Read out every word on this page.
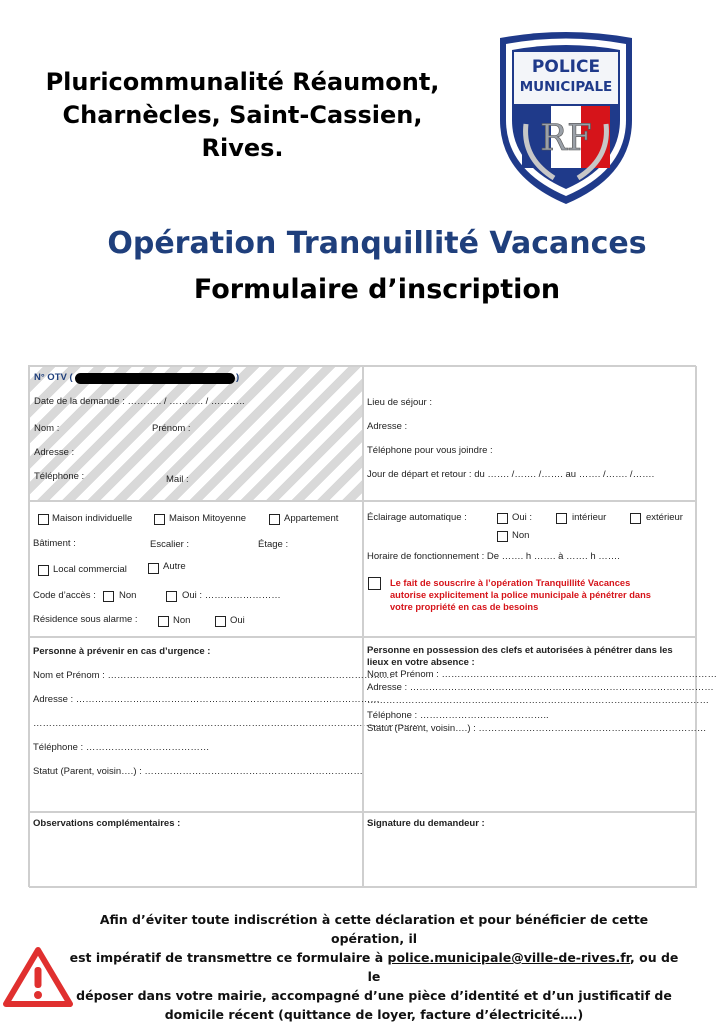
Pluricommunalité Réaumont,
Charnècles, Saint-Cassien,
Rives.
POLICE
MUNICIPALE
RF
Opération Tranquillité Vacances
Formulaire d’inscription
N° OTV (	)
Date de la demande : ……….. / ……….. / ………..
Nom :	Prénom :
Adresse :
Téléphone :	Mail :
Lieu de séjour :
Adresse :
Téléphone pour vous joindre :
Jour de départ et retour : du ……. /……. /……. au ……. /……. /…….
Maison individuelle	Maison Mitoyenne	Appartement
Bâtiment :	Escalier :	Étage :
Local commercial	Autre
Code d’accès : Non	Oui : ……………………
Résidence sous alarme :	Non	Oui
Éclairage automatique :	Oui :	intérieur	extérieur
Non
Horaire de fonctionnement : De ……. h ……. à ……. h …….
Le fait de souscrire à l’opération Tranquillité Vacances
autorise explicitement la police municipale à pénétrer dans
votre propriété en cas de besoins
Personne à prévenir en cas d’urgence :
Nom et Prénom : ………………………………………………………………………………
Adresse : ……………………………………………………………………………………
……………………………………………………………………………………………………………
Téléphone : …………………………………
Statut (Parent, voisin….) : ……………………………………………………………
Personne en possession des clefs et autorisées à pénétrer dans les
lieux en votre absence :
Nom et Prénom : ……………………………………………………………………………
Adresse : ……………………………………………………………………………………
………………………………………………………………………………………………
Téléphone : …………………………………..
Statut (Parent, voisin….) : ………………………………………………………………
Observations complémentaires :	Signature du demandeur :
Afin d’éviter toute indiscrétion à cette déclaration et pour bénéficier de cette opération, il
est impératif de transmettre ce formulaire à police.municipale@ville-de-rives.fr, ou de le
déposer dans votre mairie, accompagné d’une pièce d’identité et d’un justificatif de
domicile récent (quittance de loyer, facture d’électricité….)
